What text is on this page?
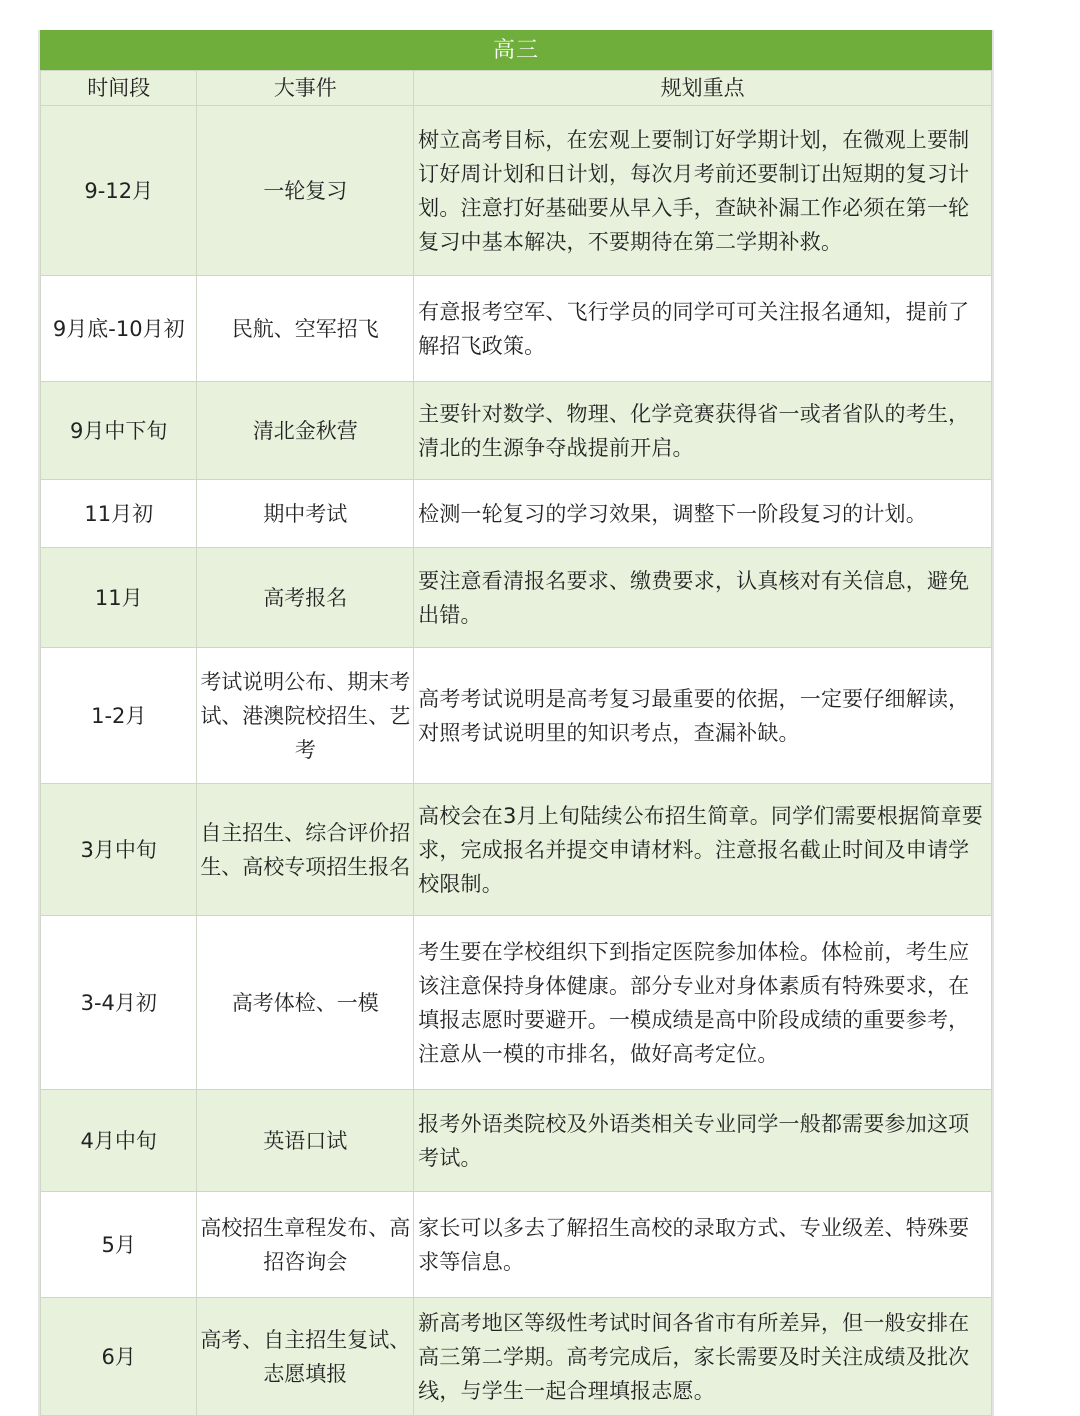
高三
时间段	大事件	规划重点
9-12月	一轮复习	树立高考目标，在宏观上要制订好学期计划，在微观上要制订好周计划和日计划，每次月考前还要制订出短期的复习计划。注意打好基础要从早入手，查缺补漏工作必须在第一轮复习中基本解决，不要期待在第二学期补救。
9月底-10月初	民航、空军招飞	有意报考空军、飞行学员的同学可可关注报名通知，提前了解招飞政策。
9月中下旬	清北金秋营	主要针对数学、物理、化学竞赛获得省一或者省队的考生，清北的生源争夺战提前开启。
11月初	期中考试	检测一轮复习的学习效果，调整下一阶段复习的计划。
11月	高考报名	要注意看清报名要求、缴费要求，认真核对有关信息，避免出错。
1-2月	考试说明公布、期末考试、港澳院校招生、艺考	高考考试说明是高考复习最重要的依据，一定要仔细解读，对照考试说明里的知识考点，查漏补缺。
3月中旬	自主招生、综合评价招生、高校专项招生报名	高校会在3月上旬陆续公布招生简章。同学们需要根据简章要求，完成报名并提交申请材料。注意报名截止时间及申请学校限制。
3-4月初	高考体检、一模	考生要在学校组织下到指定医院参加体检。体检前，考生应该注意保持身体健康。部分专业对身体素质有特殊要求，在填报志愿时要避开。一模成绩是高中阶段成绩的重要参考，注意从一模的市排名，做好高考定位。
4月中旬	英语口试	报考外语类院校及外语类相关专业同学一般都需要参加这项考试。
5月	高校招生章程发布、高招咨询会	家长可以多去了解招生高校的录取方式、专业级差、特殊要求等信息。
6月	高考、自主招生复试、志愿填报	新高考地区等级性考试时间各省市有所差异，但一般安排在高三第二学期。高考完成后，家长需要及时关注成绩及批次线，与学生一起合理填报志愿。
